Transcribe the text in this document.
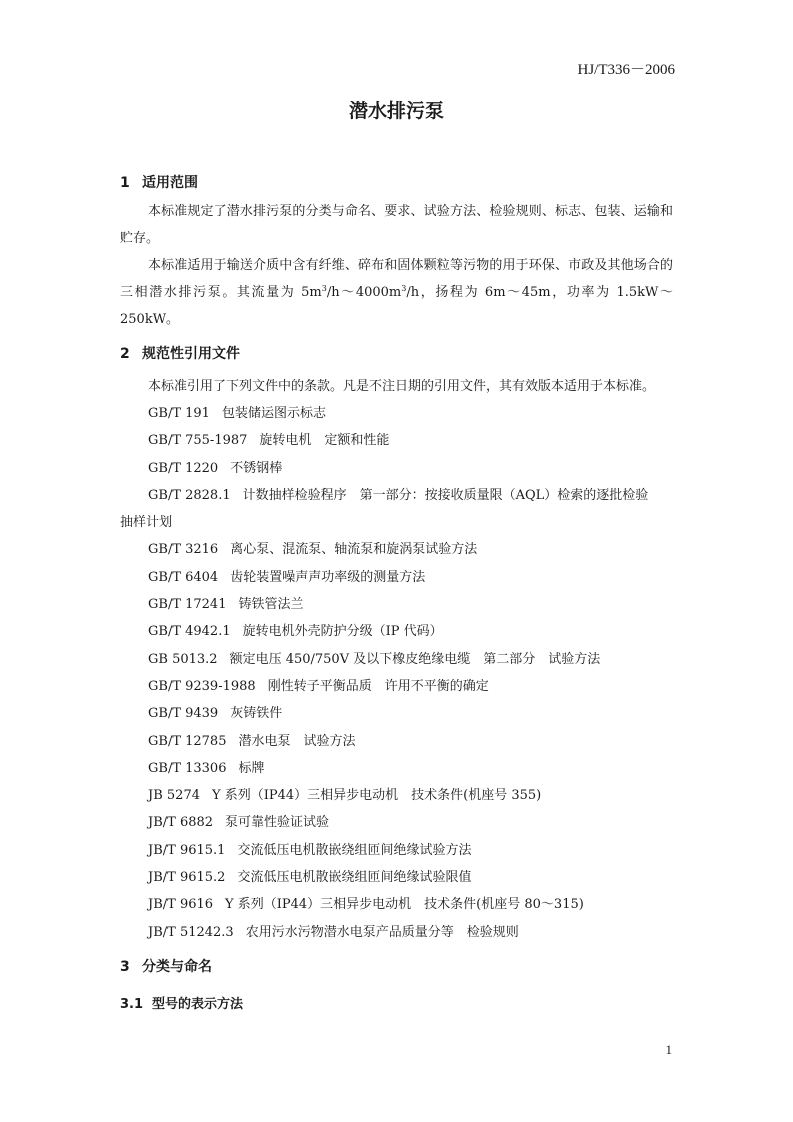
HJ/T336－2006
潜水排污泵
1 适用范围
本标准规定了潜水排污泵的分类与命名、要求、试验方法、检验规则、标志、包装、运输和贮存。
本标准适用于输送介质中含有纤维、碎布和固体颗粒等污物的用于环保、市政及其他场合的三相潜水排污泵。其流量为 $5m^3/h\sim 4000m^3/h$，扬程为 6m～45m，功率为 1.5kW～250kW。
2 规范性引用文件
本标准引用了下列文件中的条款。凡是不注日期的引用文件，其有效版本适用于本标准。
GB/T 191 包装储运图示标志
GB/T 755-1987 旋转电机　定额和性能
GB/T 1220 不锈钢棒
GB/T 2828.1 计数抽样检验程序　第一部分：按接收质量限（AQL）检索的逐批检验
抽样计划
GB/T 3216 离心泵、混流泵、轴流泵和旋涡泵试验方法
GB/T 6404 齿轮装置噪声声功率级的测量方法
GB/T 17241 铸铁管法兰
GB/T 4942.1 旋转电机外壳防护分级（IP 代码）
GB 5013.2 额定电压 450/750V 及以下橡皮绝缘电缆　第二部分　试验方法
GB/T 9239-1988 刚性转子平衡品质　许用不平衡的确定
GB/T 9439 灰铸铁件
GB/T 12785 潜水电泵　试验方法
GB/T 13306 标牌
JB 5274 Y 系列（IP44）三相异步电动机　技术条件(机座号 355)
JB/T 6882 泵可靠性验证试验
JB/T 9615.1 交流低压电机散嵌绕组匝间绝缘试验方法
JB/T 9615.2 交流低压电机散嵌绕组匝间绝缘试验限值
JB/T 9616 Y 系列（IP44）三相异步电动机　技术条件(机座号 80～315)
JB/T 51242.3 农用污水污物潜水电泵产品质量分等　检验规则
3 分类与命名
3.1 型号的表示方法
1
